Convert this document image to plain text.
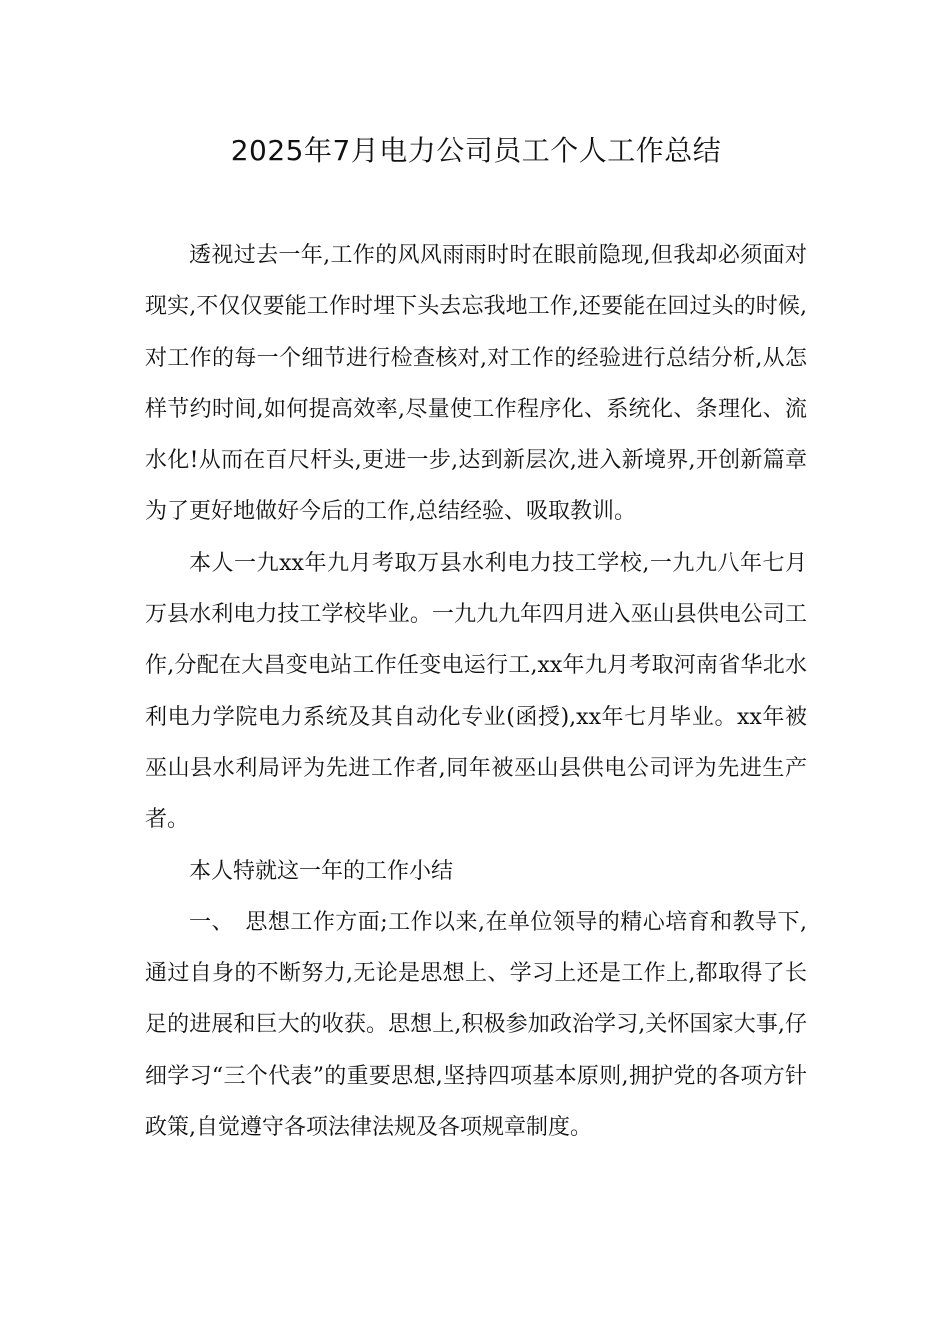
2025年7月电力公司员工个人工作总结

透视过去一年,工作的风风雨雨时时在眼前隐现,但我却必须面对现实,不仅仅要能工作时埋下头去忘我地工作,还要能在回过头的时候,对工作的每一个细节进行检查核对,对工作的经验进行总结分析,从怎样节约时间,如何提高效率,尽量使工作程序化、系统化、条理化、流水化!从而在百尺杆头,更进一步,达到新层次,进入新境界,开创新篇章为了更好地做好今后的工作,总结经验、吸取教训。

本人一九xx年九月考取万县水利电力技工学校,一九九八年七月万县水利电力技工学校毕业。一九九九年四月进入巫山县供电公司工作,分配在大昌变电站工作任变电运行工,xx年九月考取河南省华北水利电力学院电力系统及其自动化专业(函授),xx年七月毕业。xx年被巫山县水利局评为先进工作者,同年被巫山县供电公司评为先进生产者。

本人特就这一年的工作小结

一、　思想工作方面;工作以来,在单位领导的精心培育和教导下,通过自身的不断努力,无论是思想上、学习上还是工作上,都取得了长足的进展和巨大的收获。思想上,积极参加政治学习,关怀国家大事,仔细学习“三个代表”的重要思想,坚持四项基本原则,拥护党的各项方针政策,自觉遵守各项法律法规及各项规章制度。
